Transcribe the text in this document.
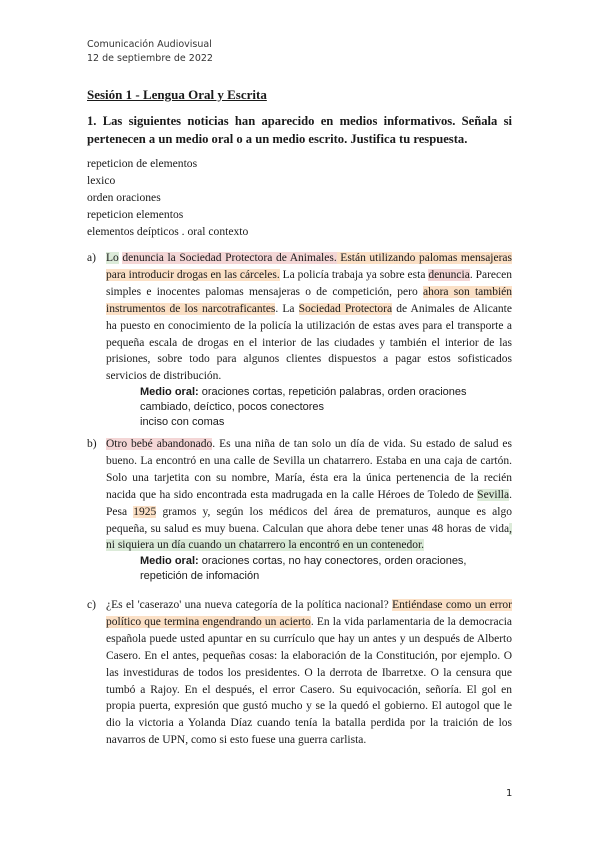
Comunicación Audiovisual
12 de septiembre de 2022
Sesión 1 - Lengua Oral y Escrita
1. Las siguientes noticias han aparecido en medios informativos. Señala si pertenecen a un medio oral o a un medio escrito. Justifica tu respuesta.
repeticion de elementos
lexico
orden oraciones
repeticion elementos
elementos deípticos . oral contexto
a) Lo denuncia la Sociedad Protectora de Animales. Están utilizando palomas mensajeras para introducir drogas en las cárceles. La policía trabaja ya sobre esta denuncia. Parecen simples e inocentes palomas mensajeras o de competición, pero ahora son también instrumentos de los narcotraficantes. La Sociedad Protectora de Animales de Alicante ha puesto en conocimiento de la policía la utilización de estas aves para el transporte a pequeña escala de drogas en el interior de las ciudades y también el interior de las prisiones, sobre todo para algunos clientes dispuestos a pagar estos sofisticados servicios de distribución.
Medio oral: oraciones cortas, repetición palabras, orden oraciones cambiado, deíctico, pocos conectores
inciso con comas
b) Otro bebé abandonado. Es una niña de tan solo un día de vida. Su estado de salud es bueno. La encontró en una calle de Sevilla un chatarrero. Estaba en una caja de cartón. Solo una tarjetita con su nombre, María, ésta era la única pertenencia de la recién nacida que ha sido encontrada esta madrugada en la calle Héroes de Toledo de Sevilla. Pesa 1925 gramos y, según los médicos del área de prematuros, aunque es algo pequeña, su salud es muy buena. Calculan que ahora debe tener unas 48 horas de vida, ni siquiera un día cuando un chatarrero la encontró en un contenedor.
Medio oral: oraciones cortas, no hay conectores, orden oraciones, repetición de infomación
c) ¿Es el 'caserazo' una nueva categoría de la política nacional? Entiéndase como un error político que termina engendrando un acierto. En la vida parlamentaria de la democracia española puede usted apuntar en su currículo que hay un antes y un después de Alberto Casero. En el antes, pequeñas cosas: la elaboración de la Constitución, por ejemplo. O las investiduras de todos los presidentes. O la derrota de Ibarretxe. O la censura que tumbó a Rajoy. En el después, el error Casero. Su equivocación, señoría. El gol en propia puerta, expresión que gustó mucho y se la quedó el gobierno. El autogol que le dio la victoria a Yolanda Díaz cuando tenía la batalla perdida por la traición de los navarros de UPN, como si esto fuese una guerra carlista.
1
